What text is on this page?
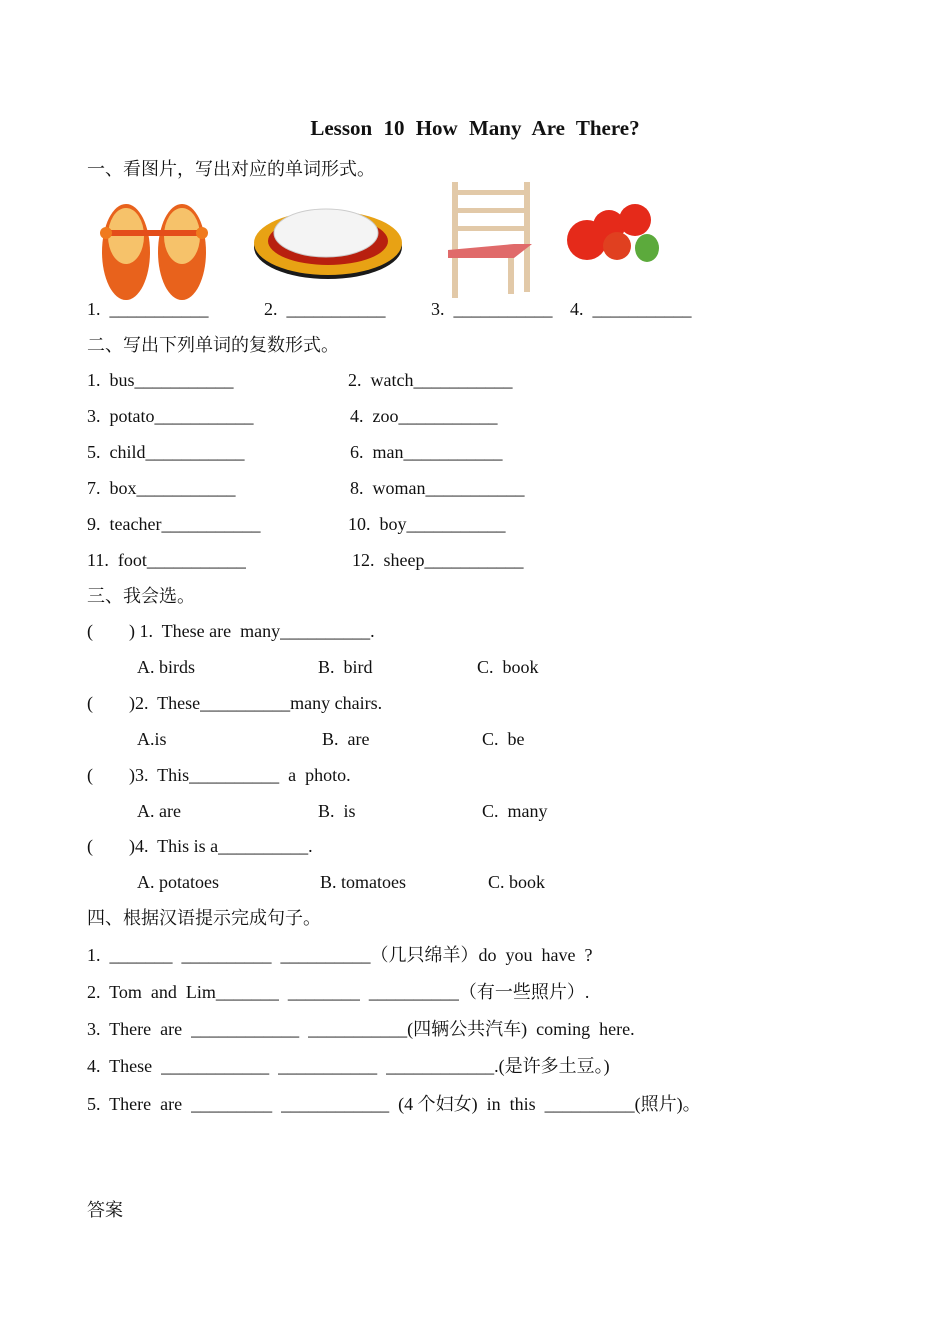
Lesson 10 How Many Are There?
一、看图片，写出对应的单词形式。
1.  ___________	2.  ___________	3.  ___________ 4.  ___________
二、写出下列单词的复数形式。
1.  bus___________	2.  watch___________
3.  potato___________	4.  zoo___________
5.  child___________	6.  man___________
7.  box___________	8.  woman___________
9.  teacher___________	10.  boy___________
11.  foot___________	12.  sheep___________
三、我会选。
(        ) 1.  These are  many__________.
A. birds	B.  bird	C.  book
(        )2.  These__________many chairs.
A.is	B.  are	C.  be
(        )3.  This__________  a  photo.
A. are	B.  is	C.  many
(        )4.  This is a__________.
A. potatoes	B. tomatoes	C. book
四、根据汉语提示完成句子。
1.  _______  __________  __________（几只绵羊）do  you  have  ?
2.  Tom  and  Lim_______  ________  __________（有一些照片）.
3.  There  are  ____________  ___________(四辆公共汽车)  coming  here.
4.  These  ____________  ___________  ____________.(是许多土豆。)
5.  There  are  _________  ____________  (4 个妇女)  in  this  __________(照片)。
答案
